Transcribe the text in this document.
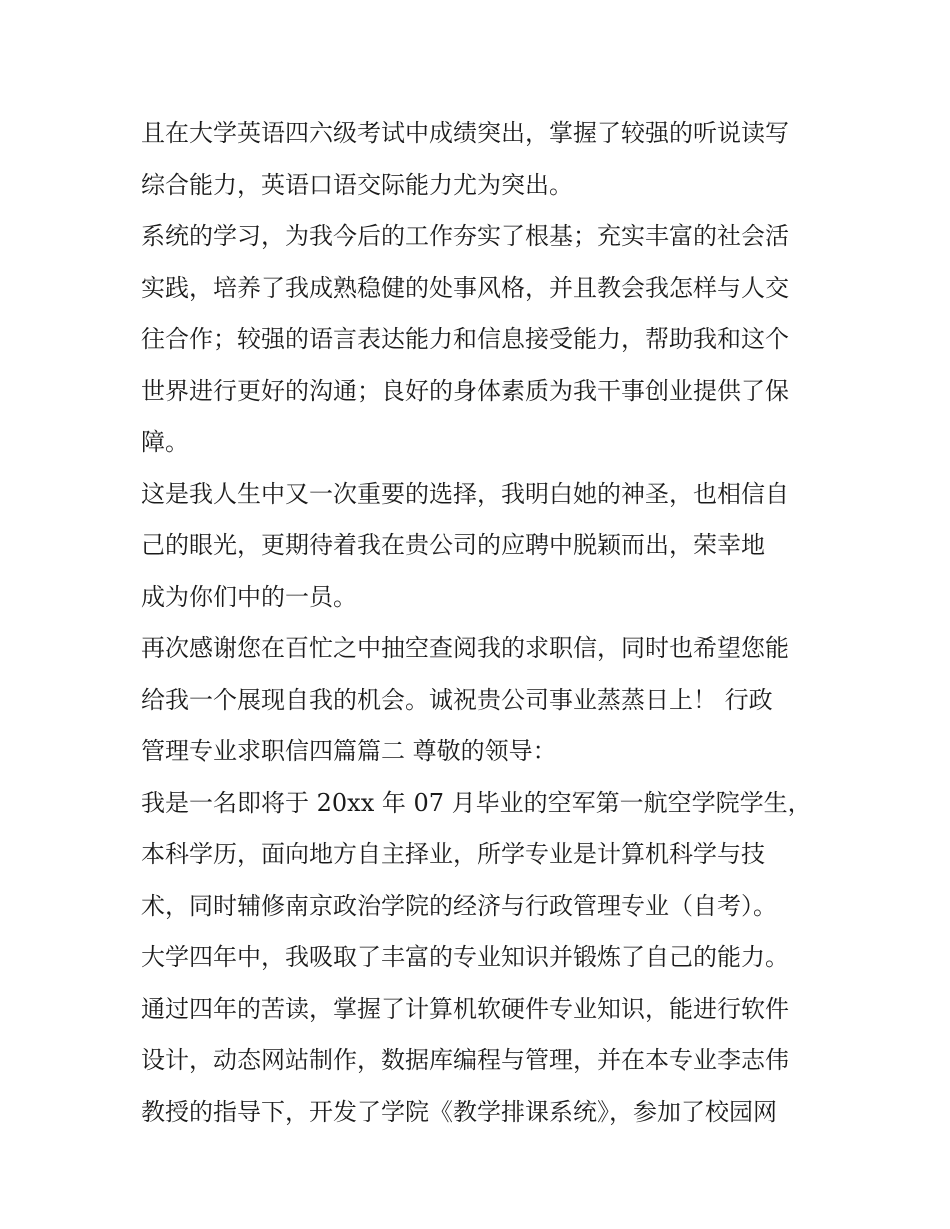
且在大学英语四六级考试中成绩突出，掌握了较强的听说读写
综合能力，英语口语交际能力尤为突出。
系统的学习，为我今后的工作夯实了根基；充实丰富的社会活
实践，培养了我成熟稳健的处事风格，并且教会我怎样与人交
往合作；较强的语言表达能力和信息接受能力，帮助我和这个
世界进行更好的沟通；良好的身体素质为我干事创业提供了保
障。
这是我人生中又一次重要的选择，我明白她的神圣，也相信自
己的眼光，更期待着我在贵公司的应聘中脱颖而出，荣幸地
成为你们中的一员。
再次感谢您在百忙之中抽空查阅我的求职信，同时也希望您能
给我一个展现自我的机会。诚祝贵公司事业蒸蒸日上！ 行政
管理专业求职信四篇篇二 尊敬的领导：
我是一名即将于 20xx 年 07 月毕业的空军第一航空学院学生，
本科学历，面向地方自主择业，所学专业是计算机科学与技
术，同时辅修南京政治学院的经济与行政管理专业（自考）。
大学四年中，我吸取了丰富的专业知识并锻炼了自己的能力。
通过四年的苦读，掌握了计算机软硬件专业知识，能进行软件
设计，动态网站制作，数据库编程与管理，并在本专业李志伟
教授的指导下，开发了学院《教学排课系统》，参加了校园网
